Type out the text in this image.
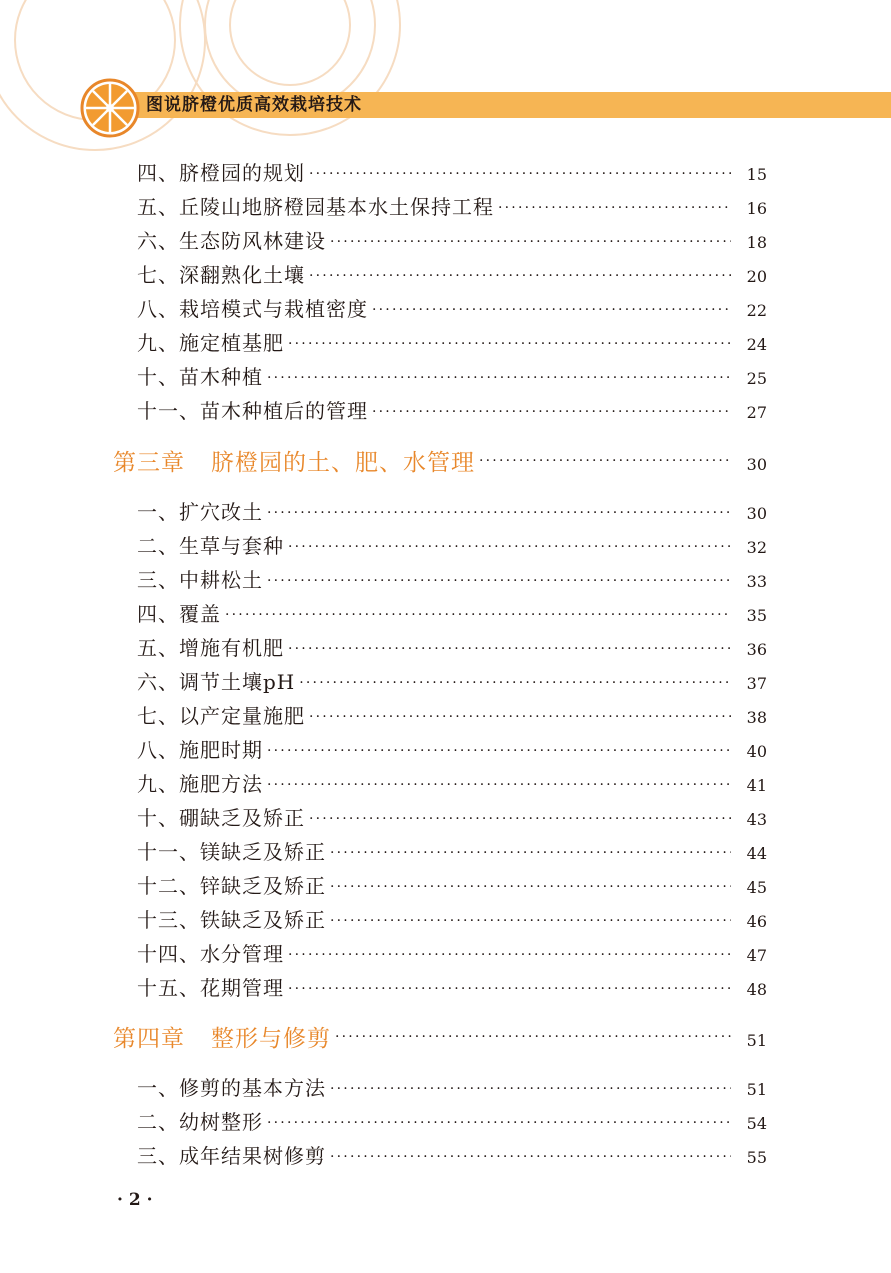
图说脐橙优质高效栽培技术
四、脐橙园的规划 ·····	15
五、丘陵山地脐橙园基本水土保持工程 ·····	16
六、生态防风林建设 ·····	18
七、深翻熟化土壤 ·····	20
八、栽培模式与栽植密度 ·····	22
九、施定植基肥 ·····	24
十、苗木种植 ·····	25
十一、苗木种植后的管理 ·····	27
第三章 脐橙园的土、肥、水管理 ·····	30
一、扩穴改土 ·····	30
二、生草与套种 ·····	32
三、中耕松土 ·····	33
四、覆盖 ·····	35
五、增施有机肥 ·····	36
六、调节土壤pH ·····	37
七、以产定量施肥 ·····	38
八、施肥时期 ·····	40
九、施肥方法 ·····	41
十、硼缺乏及矫正 ·····	43
十一、镁缺乏及矫正 ·····	44
十二、锌缺乏及矫正 ·····	45
十三、铁缺乏及矫正 ·····	46
十四、水分管理 ·····	47
十五、花期管理 ·····	48
第四章 整形与修剪 ·····	51
一、修剪的基本方法 ·····	51
二、幼树整形 ·····	54
三、成年结果树修剪 ·····	55
· 2 ·
